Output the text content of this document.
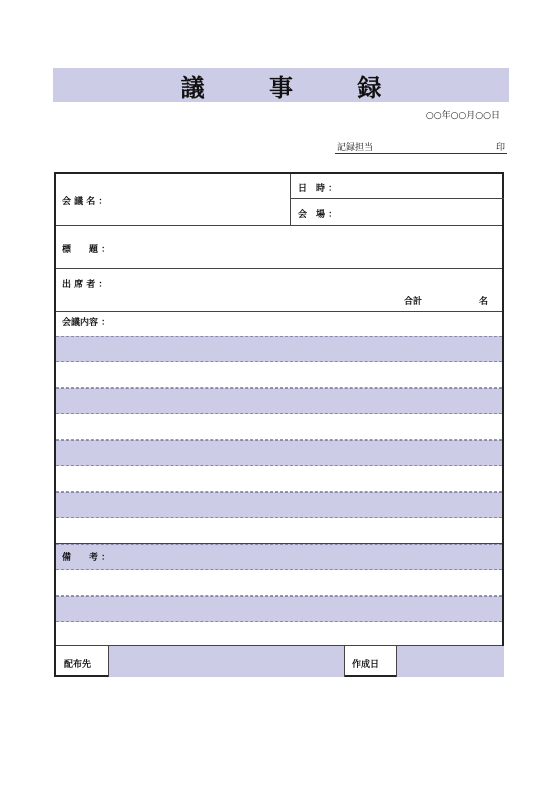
議 事 録
○○年○○月○○日
記録担当	印
会 議 名 ：
日　時 ：
会　場 ：
標　　題 ：
出 席 者 ：
合計	名
会議内容 ：
備　　考 ：
配布先	作成日
